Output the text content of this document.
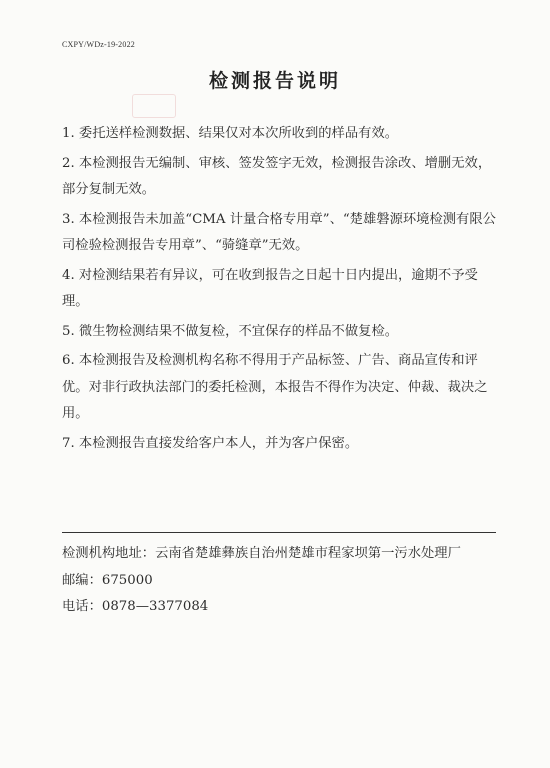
CXPY/WDz-19-2022
检测报告说明
1. 委托送样检测数据、结果仅对本次所收到的样品有效。
2. 本检测报告无编制、审核、签发签字无效，检测报告涂改、增删无效，部分复制无效。
3. 本检测报告未加盖“CMA 计量合格专用章”、“楚雄磐源环境检测有限公司检验检测报告专用章”、“骑缝章”无效。
4. 对检测结果若有异议，可在收到报告之日起十日内提出，逾期不予受理。
5. 微生物检测结果不做复检，不宜保存的样品不做复检。
6. 本检测报告及检测机构名称不得用于产品标签、广告、商品宣传和评优。对非行政执法部门的委托检测，本报告不得作为决定、仲裁、裁决之用。
7. 本检测报告直接发给客户本人，并为客户保密。
检测机构地址：云南省楚雄彝族自治州楚雄市程家坝第一污水处理厂
邮编：675000
电话：0878—3377084
